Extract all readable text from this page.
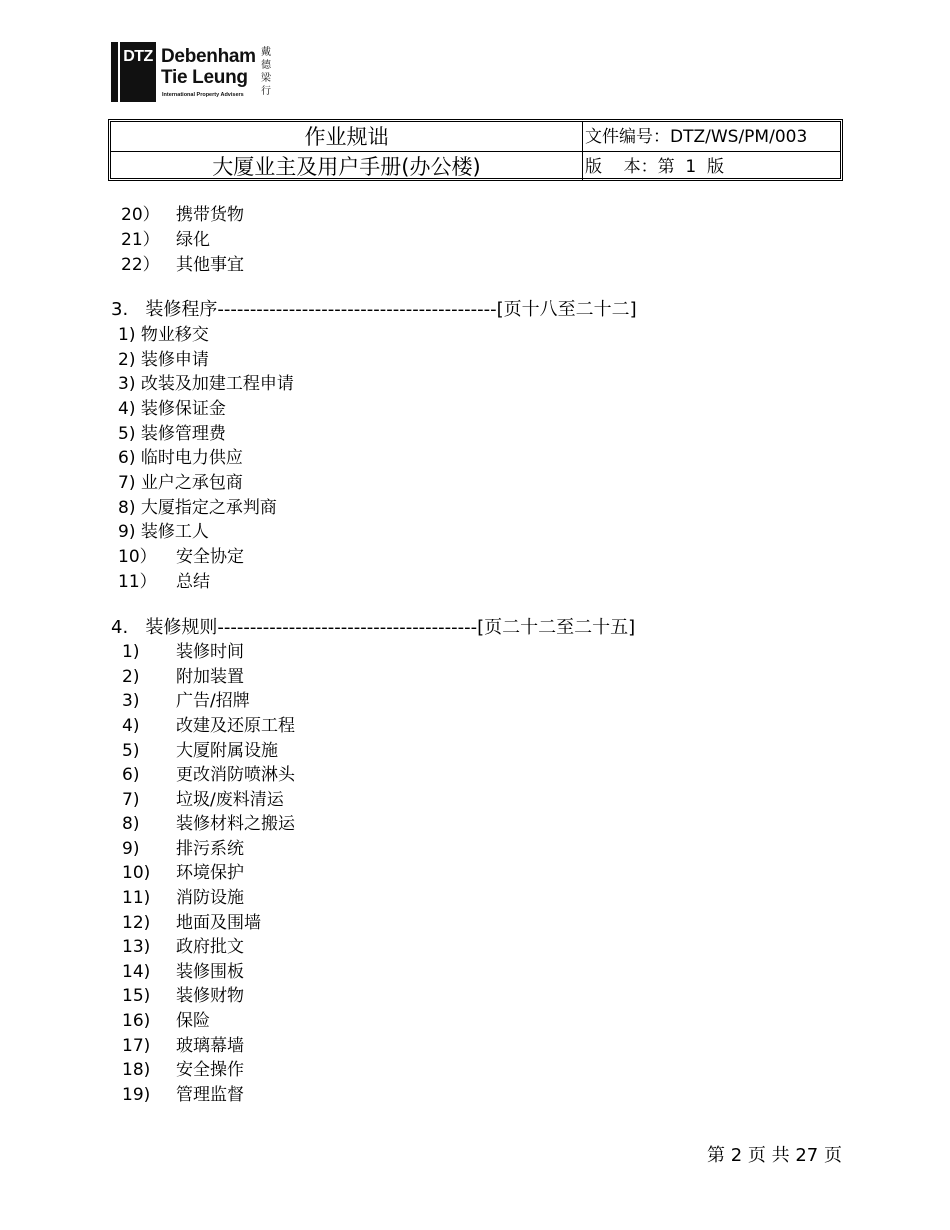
DTZ Debenham
Tie Leung
International Property Advisers
戴德梁行
作业规诎	文件编号：DTZ/WS/PM/003
大厦业主及用户手册(办公楼)	版    本：第  1  版
20） 携带货物
21） 绿化
22） 其他事宜
3.   装修程序-------------------------------------------[页十八至二十二]
1) 物业移交
2) 装修申请
3) 改装及加建工程申请
4) 装修保证金
5) 装修管理费
6) 临时电力供应
7) 业户之承包商
8) 大厦指定之承判商
9) 装修工人
10） 安全协定
11） 总结
4.   装修规则----------------------------------------[页二十二至二十五]
1) 装修时间
2) 附加装置
3) 广告/招牌
4) 改建及还原工程
5) 大厦附属设施
6) 更改消防喷淋头
7) 垃圾/废料清运
8) 装修材料之搬运
9) 排污系统
10) 环境保护
11) 消防设施
12) 地面及围墙
13) 政府批文
14) 装修围板
15) 装修财物
16) 保险
17) 玻璃幕墙
18) 安全操作
19) 管理监督
第 2 页 共 27 页
